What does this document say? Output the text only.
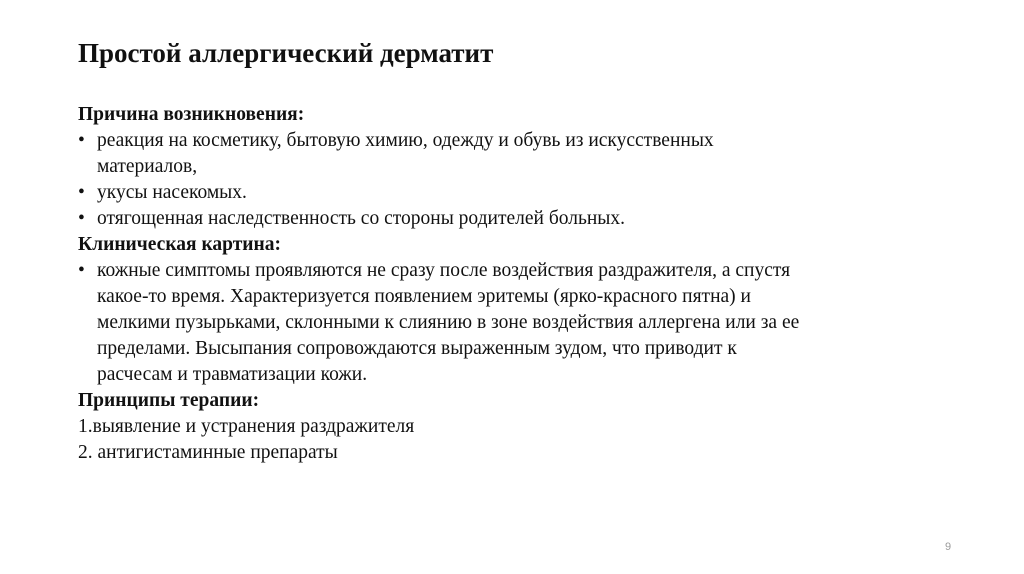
Простой аллергический дерматит
Причина возникновения:
• реакция на косметику, бытовую химию, одежду и обувь из искусственных
материалов,
• укусы насекомых.
• отягощенная наследственность со стороны родителей больных.
Клиническая картина:
• кожные симптомы проявляются не сразу после воздействия раздражителя, а спустя
какое-то время. Характеризуется появлением эритемы (ярко-красного пятна) и
мелкими пузырьками, склонными к слиянию в зоне воздействия аллергена или за ее
пределами. Высыпания сопровождаются выраженным зудом, что приводит к
расчесам и травматизации кожи.
Принципы терапии:
1.выявление и устранения раздражителя
2. антигистаминные препараты
9
